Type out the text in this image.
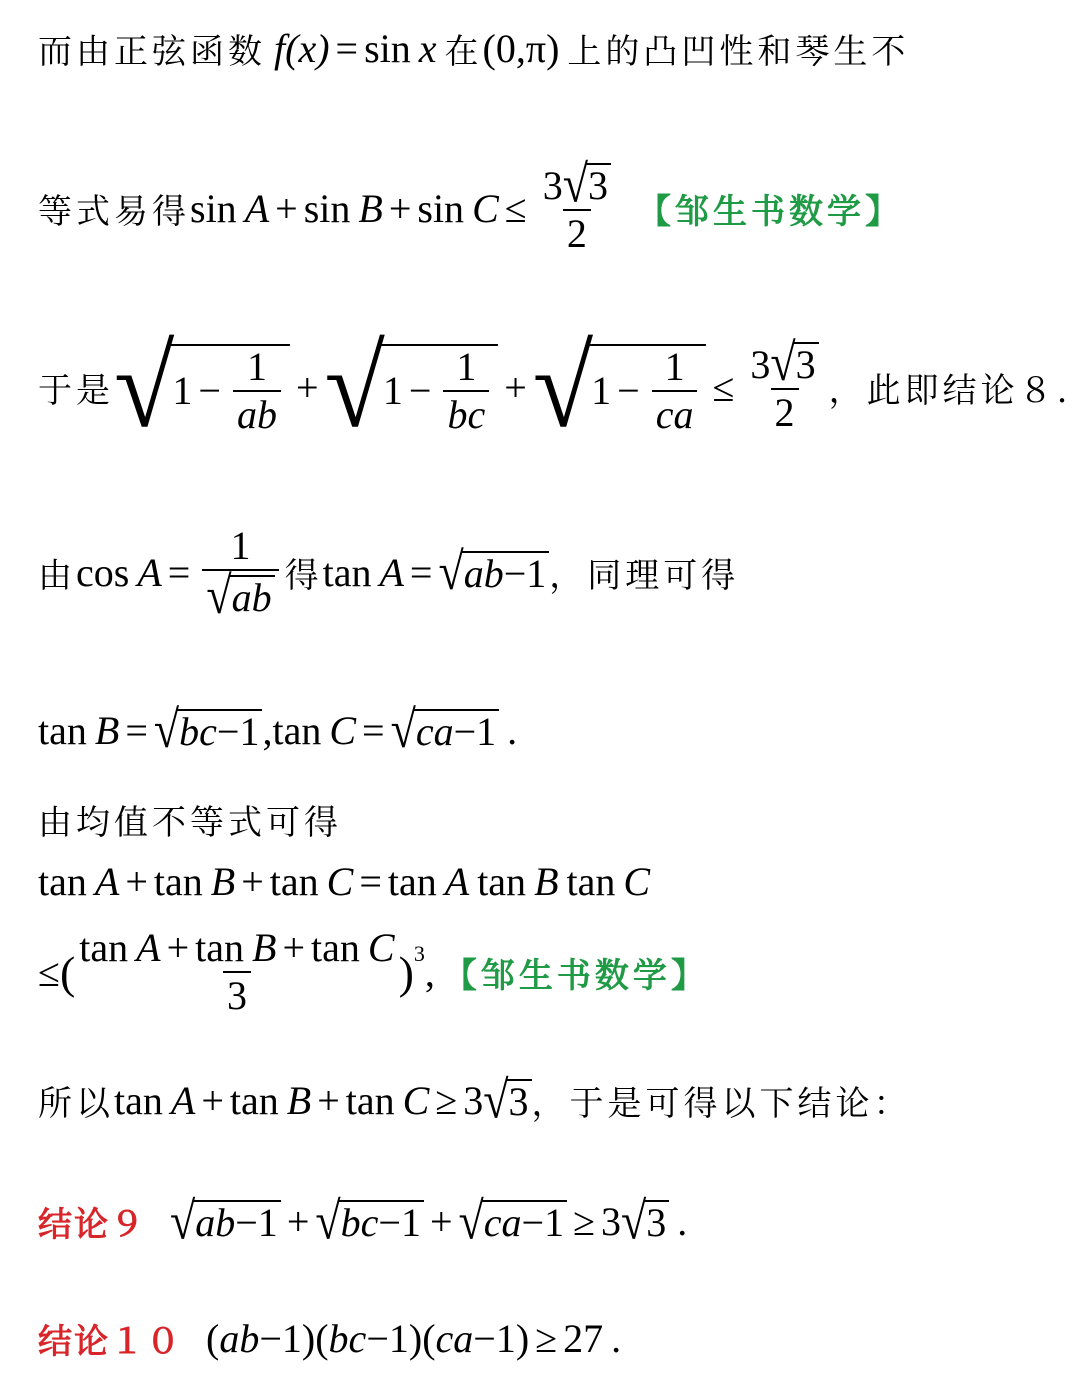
而由正弦函数 f (x) = sin x 在 (0,π) 上的凸凹性和琴生不
等式易得 $\sin A + \sin B + \sin C \le \frac{3 √ 3}{2}$ 【邹生书数学】
于是 √
$1 - \frac{1}{ab}$ + √
$1 - \frac{1}{bc}$ + √
$1 - \frac{1}{ca} \le \frac{3 √ 3}{2}$ ，此即结论８.
由 $\cos A = \frac{1}{√ ab}$ 得 tan A = √ ab−1 ，同理可得
tan B = √ bc−1 , tan C = √ ca−1 .
由均值不等式可得
tan A + tan B + tan C = tan A tan B tan C
≤ ( tan A + tan B + tan C
3	) 3 , 【邹生书数学】
所以 tan A + tan B + tan C ≥ 3 √ 3 ，于是可得以下结论：
结论９ √ ab−1 + √ bc−1 + √ ca−1 ≥ 3 √ 3 .
结论１０ ( ab −1) ( bc −1) ( ca −1) ≥ 27 .
